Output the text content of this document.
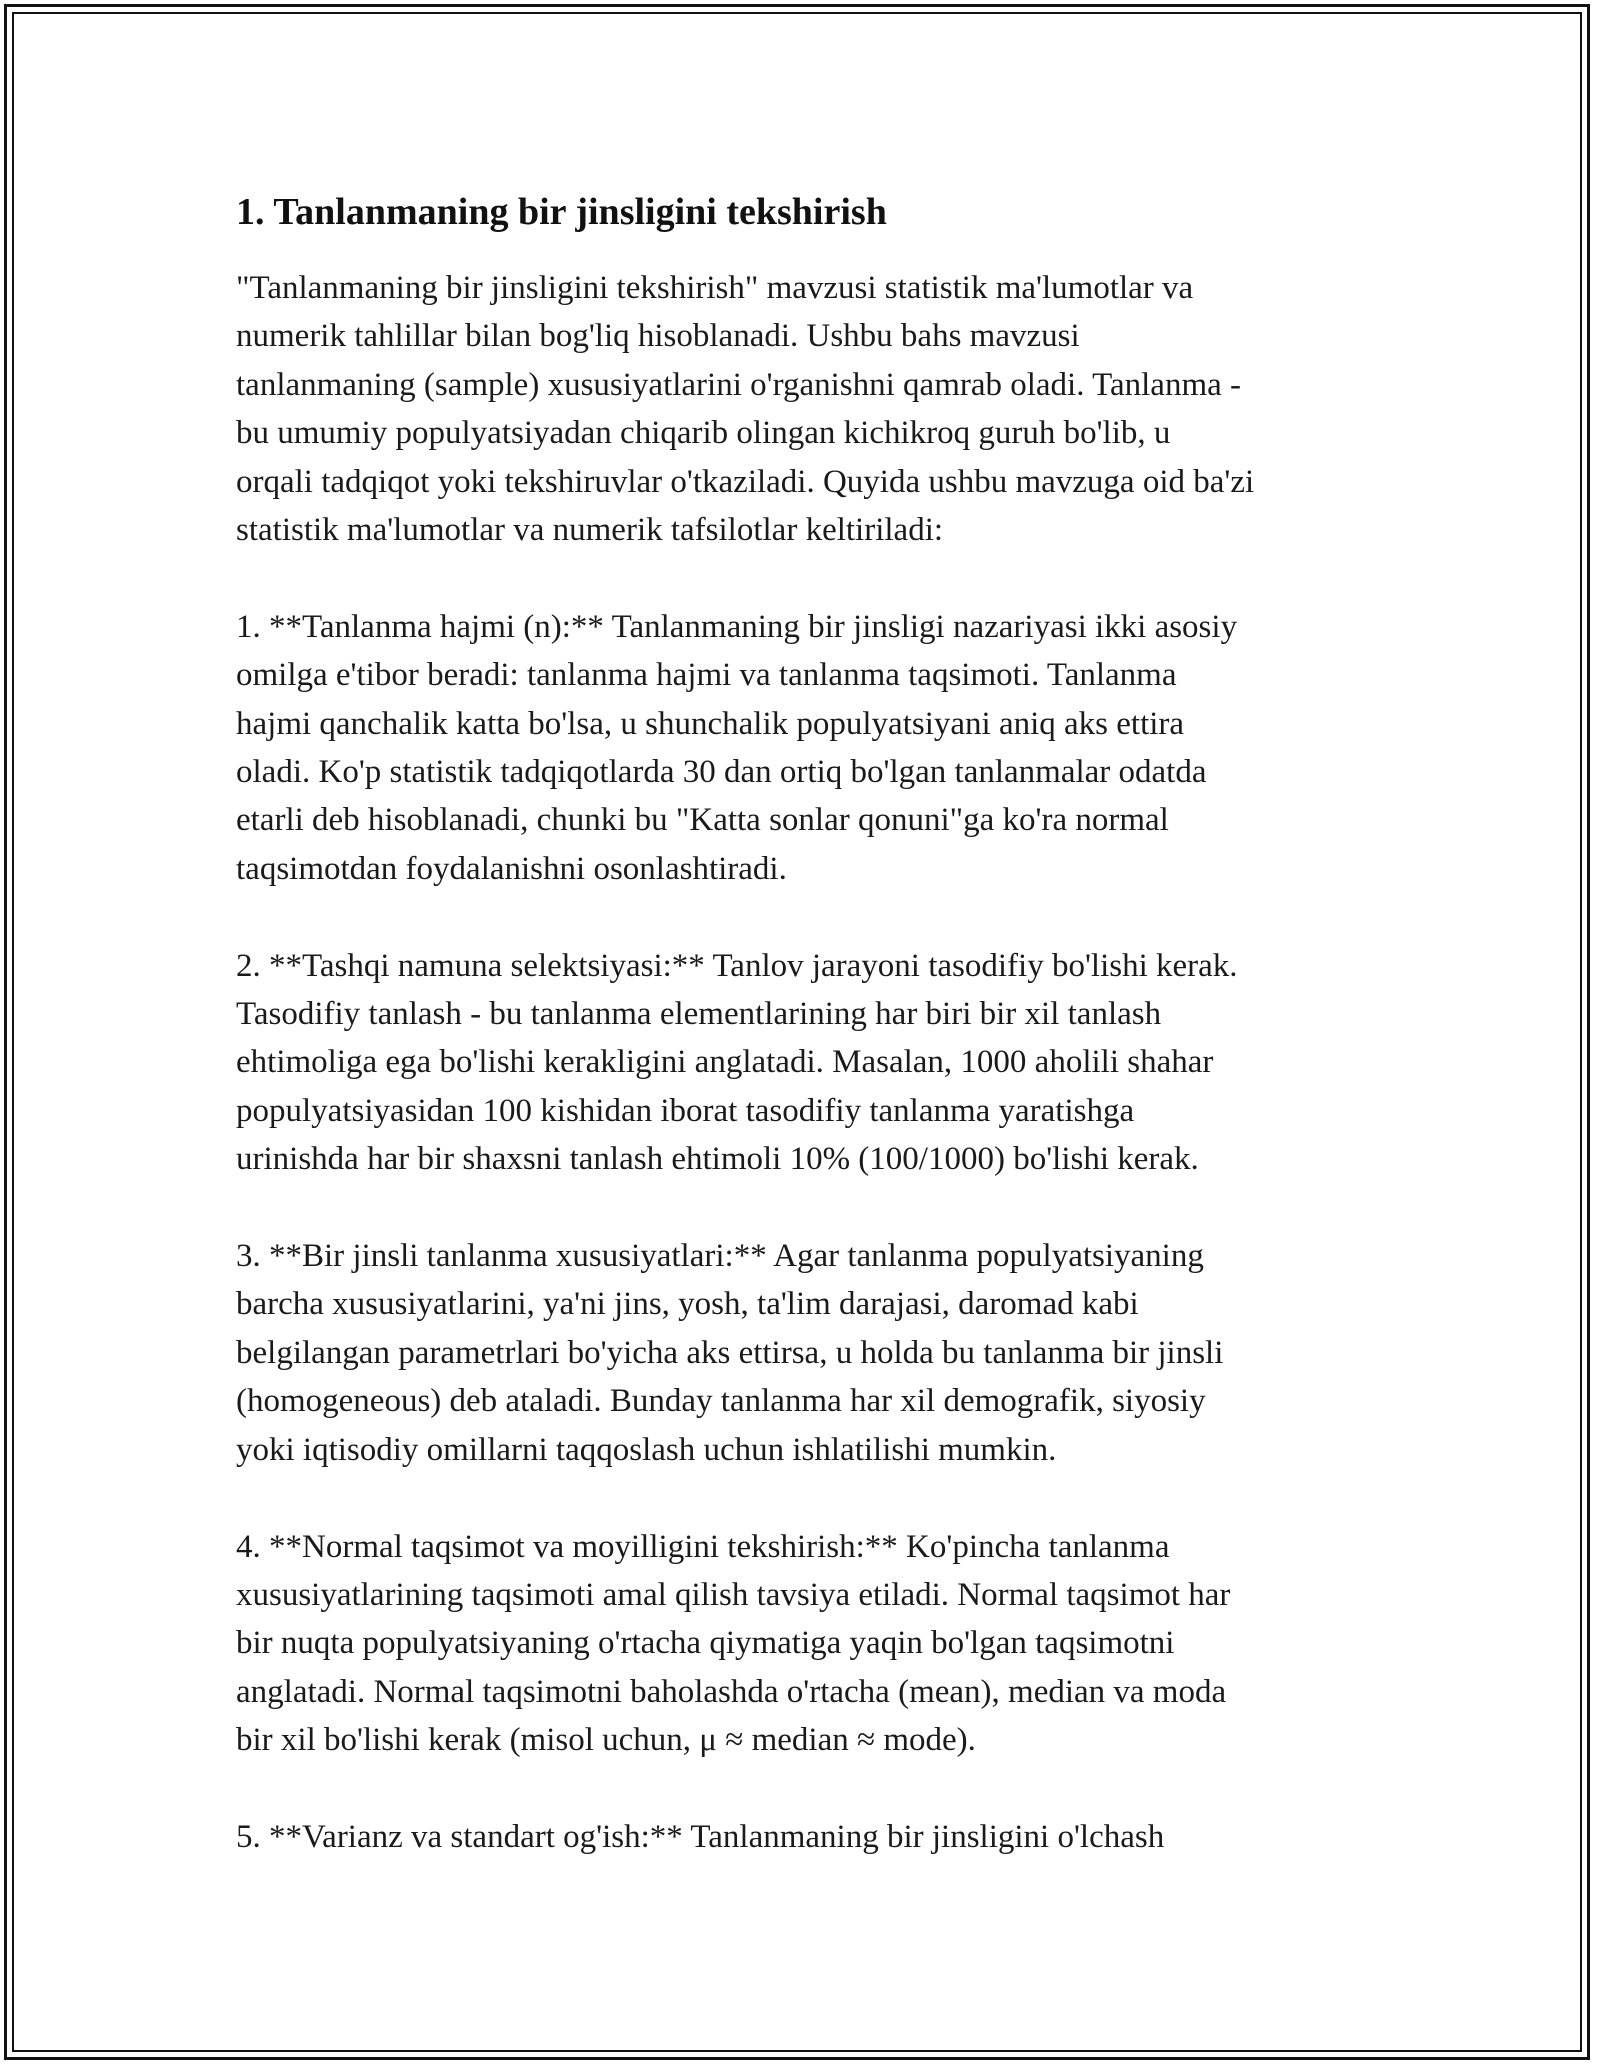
1. Tanlanmaning bir jinsligini tekshirish

"Tanlanmaning bir jinsligini tekshirish" mavzusi statistik ma'lumotlar va
numerik tahlillar bilan bog'liq hisoblanadi. Ushbu bahs mavzusi
tanlanmaning (sample) xususiyatlarini o'rganishni qamrab oladi. Tanlanma -
bu umumiy populyatsiyadan chiqarib olingan kichikroq guruh bo'lib, u
orqali tadqiqot yoki tekshiruvlar o'tkaziladi. Quyida ushbu mavzuga oid ba'zi
statistik ma'lumotlar va numerik tafsilotlar keltiriladi:

1. **Tanlanma hajmi (n):** Tanlanmaning bir jinsligi nazariyasi ikki asosiy
omilga e'tibor beradi: tanlanma hajmi va tanlanma taqsimoti. Tanlanma
hajmi qanchalik katta bo'lsa, u shunchalik populyatsiyani aniq aks ettira
oladi. Ko'p statistik tadqiqotlarda 30 dan ortiq bo'lgan tanlanmalar odatda
etarli deb hisoblanadi, chunki bu "Katta sonlar qonuni"ga ko'ra normal
taqsimotdan foydalanishni osonlashtiradi.

2. **Tashqi namuna selektsiyasi:** Tanlov jarayoni tasodifiy bo'lishi kerak.
Tasodifiy tanlash - bu tanlanma elementlarining har biri bir xil tanlash
ehtimoliga ega bo'lishi kerakligini anglatadi. Masalan, 1000 aholili shahar
populyatsiyasidan 100 kishidan iborat tasodifiy tanlanma yaratishga
urinishda har bir shaxsni tanlash ehtimoli 10% (100/1000) bo'lishi kerak.

3. **Bir jinsli tanlanma xususiyatlari:** Agar tanlanma populyatsiyaning
barcha xususiyatlarini, ya'ni jins, yosh, ta'lim darajasi, daromad kabi
belgilangan parametrlari bo'yicha aks ettirsa, u holda bu tanlanma bir jinsli
(homogeneous) deb ataladi. Bunday tanlanma har xil demografik, siyosiy
yoki iqtisodiy omillarni taqqoslash uchun ishlatilishi mumkin.

4. **Normal taqsimot va moyilligini tekshirish:** Ko'pincha tanlanma
xususiyatlarining taqsimoti amal qilish tavsiya etiladi. Normal taqsimot har
bir nuqta populyatsiyaning o'rtacha qiymatiga yaqin bo'lgan taqsimotni
anglatadi. Normal taqsimotni baholashda o'rtacha (mean), median va moda
bir xil bo'lishi kerak (misol uchun, μ ≈ median ≈ mode).

5. **Varianz va standart og'ish:** Tanlanmaning bir jinsligini o'lchash
